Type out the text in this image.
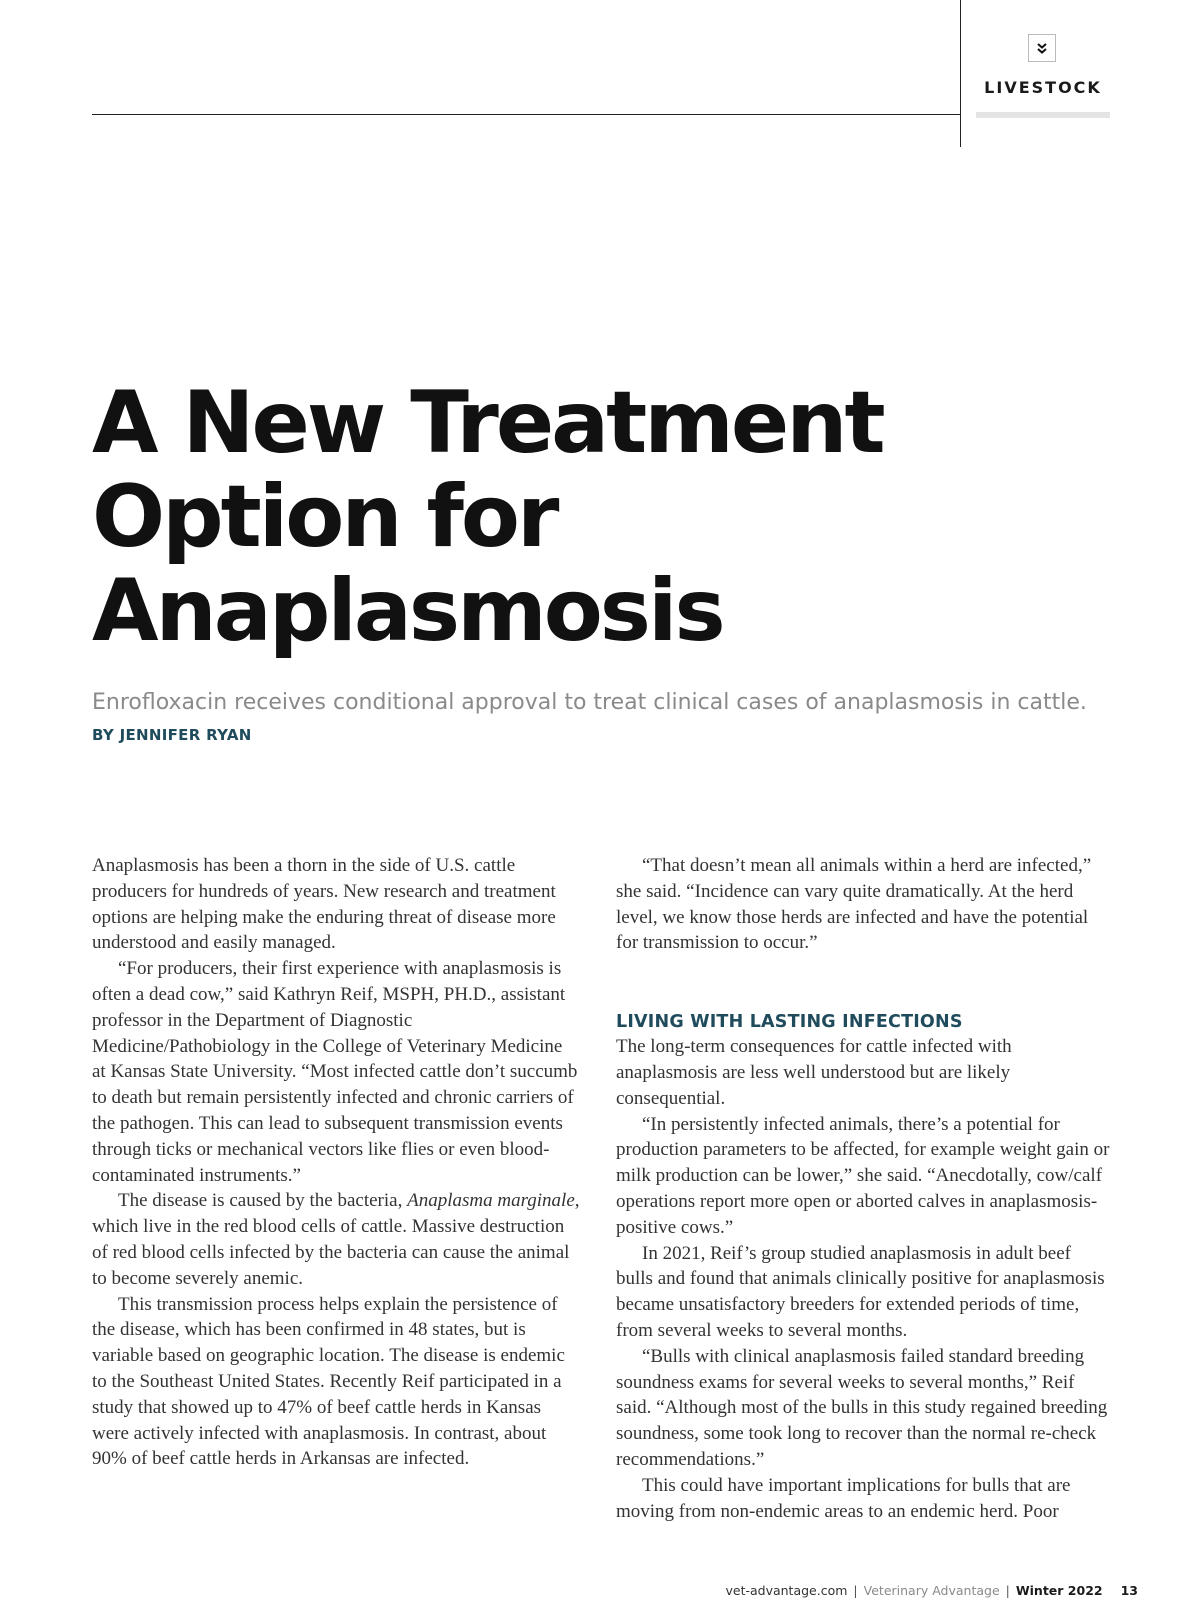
LIVESTOCK
A New Treatment
Option for
Anaplasmosis

Enrofloxacin receives conditional approval to treat clinical cases of anaplasmosis in cattle.

BY JENNIFER RYAN

Anaplasmosis has been a thorn in the side of U.S. cattle producers for hundreds of years. New research and treatment options are helping make the enduring threat of disease more understood and easily managed.

“For producers, their first experience with anaplasmosis is often a dead cow,” said Kathryn Reif, MSPH, PH.D., assistant professor in the Department of Diagnostic Medicine/Pathobiology in the College of Veterinary Medicine at Kansas State University. “Most infected cattle don’t succumb to death but remain persistently infected and chronic carriers of the pathogen. This can lead to subsequent transmission events through ticks or mechanical vectors like flies or even blood-contaminated instruments.”

The disease is caused by the bacteria, Anaplasma marginale, which live in the red blood cells of cattle. Massive destruction of red blood cells infected by the bacteria can cause the animal to become severely anemic.

This transmission process helps explain the persistence of the disease, which has been confirmed in 48 states, but is variable based on geographic location. The disease is endemic to the Southeast United States. Recently Reif participated in a study that showed up to 47% of beef cattle herds in Kansas were actively infected with anaplasmosis. In contrast, about 90% of beef cattle herds in Arkansas are infected.

“That doesn’t mean all animals within a herd are infected,” she said. “Incidence can vary quite dramatically. At the herd level, we know those herds are infected and have the potential for transmission to occur.”

LIVING WITH LASTING INFECTIONS

The long-term consequences for cattle infected with anaplasmosis are less well understood but are likely consequential.

“In persistently infected animals, there’s a potential for production parameters to be affected, for example weight gain or milk production can be lower,” she said. “Anecdotally, cow/calf operations report more open or aborted calves in anaplasmosis-positive cows.”

In 2021, Reif’s group studied anaplasmosis in adult beef bulls and found that animals clinically positive for anaplasmosis became unsatisfactory breeders for extended periods of time, from several weeks to several months.

“Bulls with clinical anaplasmosis failed standard breeding soundness exams for several weeks to several months,” Reif said. “Although most of the bulls in this study regained breeding soundness, some took long to recover than the normal re-check recommendations.”

This could have important implications for bulls that are moving from non-endemic areas to an endemic herd. Poor

vet-advantage.com | Veterinary Advantage | Winter 2022 13
